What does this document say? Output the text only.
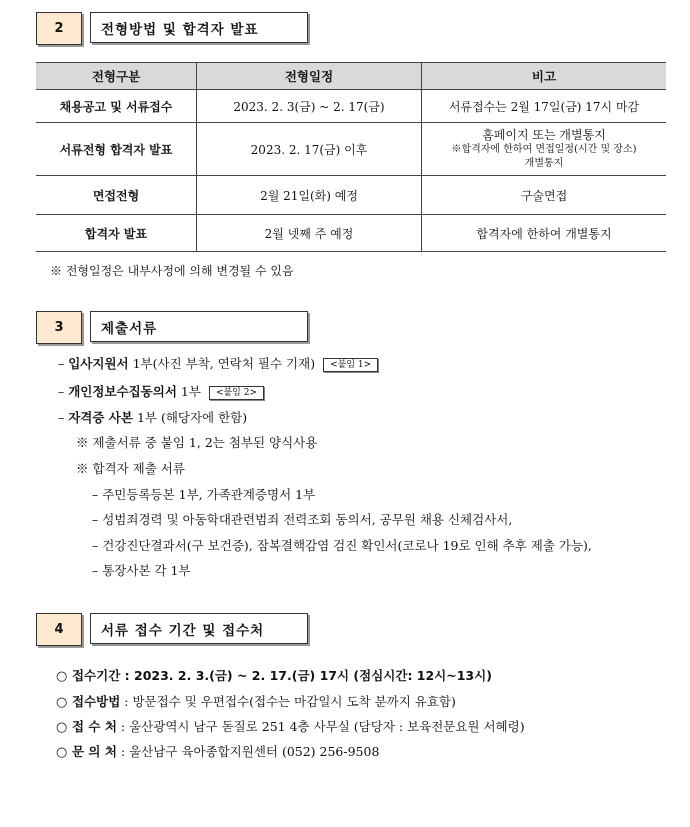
2	전형방법 및 합격자 발표
전형구분	전형일정	비고
채용공고 및 서류접수	2023. 2. 3(금) ~ 2. 17(금)	서류접수는 2월 17일(금) 17시 마감
서류전형 합격자 발표	2023. 2. 17(금) 이후	홈페이지 또는 개별통지
※합격자에 한하여 면접일정(시간 및 장소)
개별통지

면접전형	2월 21일(화) 예정	구술면접
합격자 발표	2월 넷째 주 예정	합격자에 한하여 개별통지
※ 전형일정은 내부사정에 의해 변경될 수 있음
3	제출서류
– 입사지원서 1부(사진 부착, 연락처 필수 기재) <붙임 1>
– 개인정보수집동의서 1부 <붙임 2>
– 자격증 사본 1부 (해당자에 한함)
※ 제출서류 중 붙임 1, 2는 첨부된 양식사용
※ 합격자 제출 서류
– 주민등록등본 1부, 가족관계증명서 1부
– 성범죄경력 및 아동학대관련범죄 전력조회 동의서, 공무원 채용 신체검사서,
– 건강진단결과서(구 보건증), 잠복결핵감염 검진 확인서(코로나 19로 인해 추후 제출 가능),
– 통장사본 각 1부
4	서류 접수 기간 및 접수처
○ 접수기간 : 2023. 2. 3.(금) ~ 2. 17.(금) 17시 (점심시간: 12시~13시)
○ 접수방법 : 방문접수 및 우편접수(접수는 마감일시 도착 분까지 유효함)
○ 접 수 처 : 울산광역시 남구 돋질로 251 4층 사무실 (담당자 : 보육전문요원 서혜령)
○ 문 의 처 : 울산남구 육아종합지원센터 (052) 256-9508
